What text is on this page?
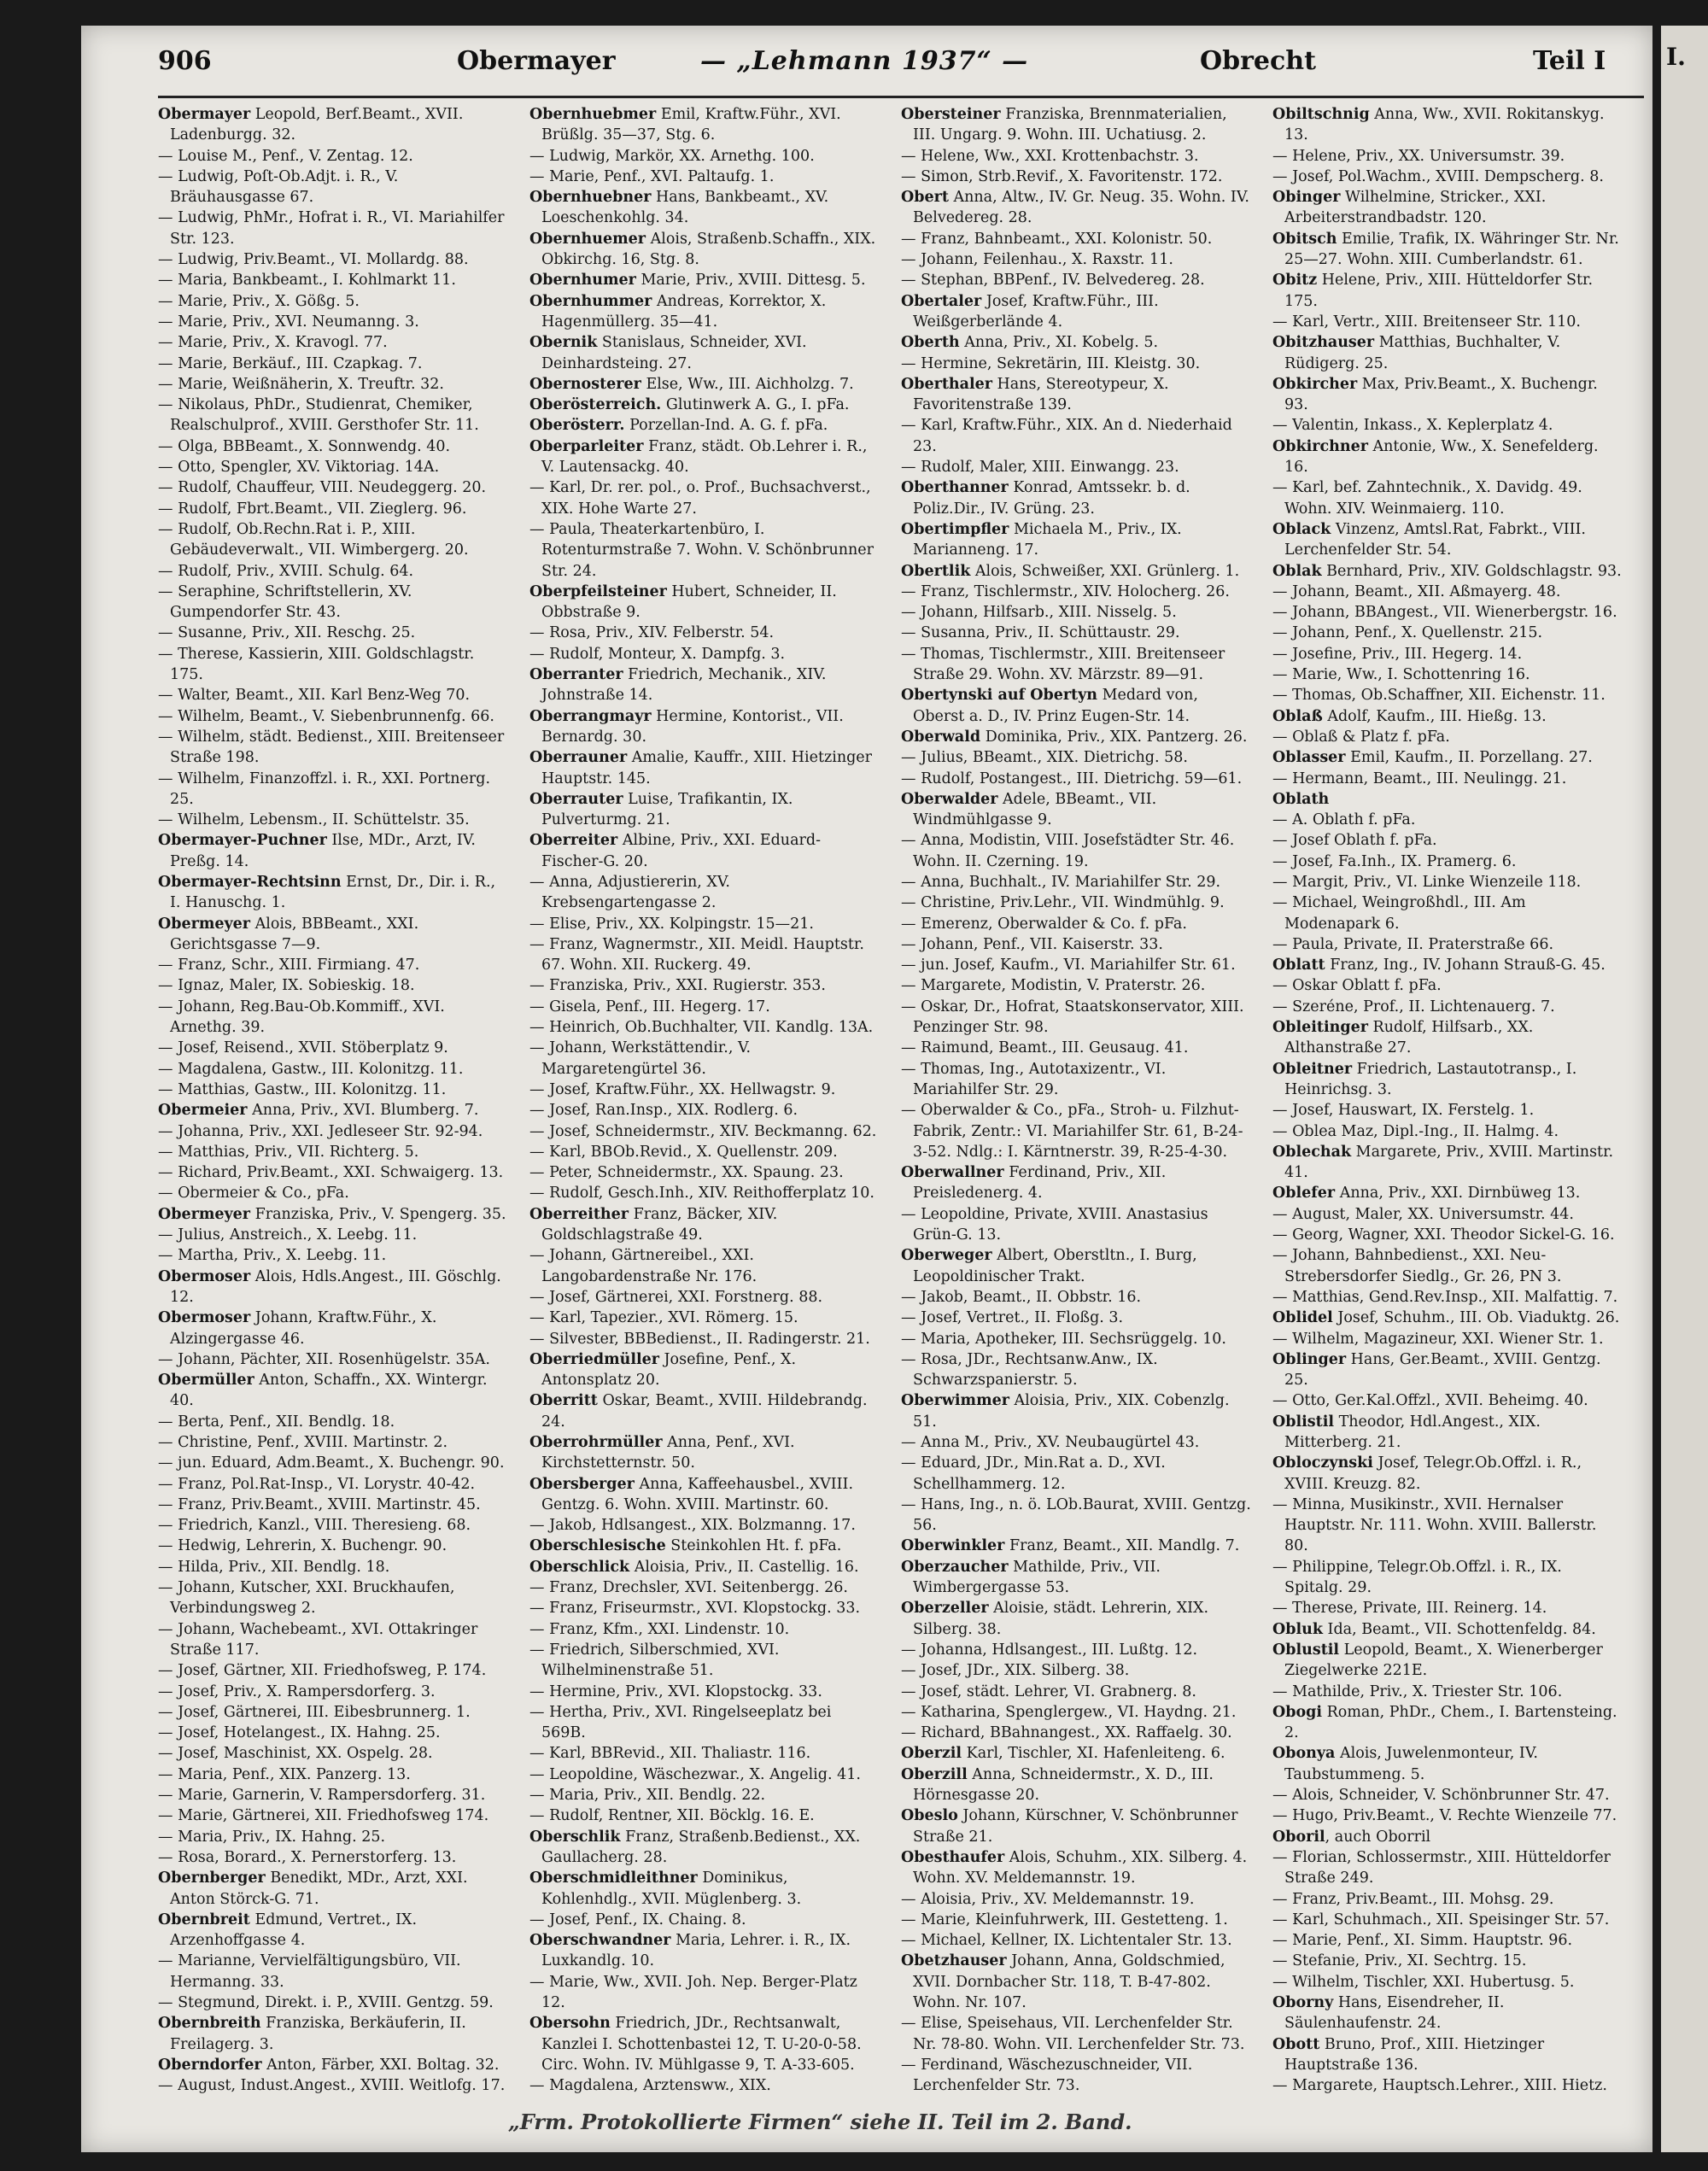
906	Obermayer	— „Lehmann 1937“ —	Obrecht	Teil I

Obermayer Leopold, Berf.Beamt., XVII. Ladenburgg. 32.

— Louise M., Penf., V. Zentag. 12.

— Ludwig, Poſt-Ob.Adjt. i. R., V. Bräuhausgasse 67.

— Ludwig, PhMr., Hofrat i. R., VI. Mariahilfer Str. 123.

— Ludwig, Priv.Beamt., VI. Mollardg. 88.

— Maria, Bankbeamt., I. Kohlmarkt 11.

— Marie, Priv., X. Gößg. 5.

— Marie, Priv., XVI. Neumanng. 3.

— Marie, Priv., X. Kravogl. 77.

— Marie, Berkäuf., III. Czapkag. 7.

— Marie, Weißnäherin, X. Treuftr. 32.

— Nikolaus, PhDr., Studienrat, Chemiker, Realschulprof., XVIII. Gersthofer Str. 11.

— Olga, BBBeamt., X. Sonnwendg. 40.

— Otto, Spengler, XV. Viktoriag. 14A.

— Rudolf, Chauffeur, VIII. Neudeggerg. 20.

— Rudolf, Fbrt.Beamt., VII. Zieglerg. 96.

— Rudolf, Ob.Rechn.Rat i. P., XIII. Gebäudeverwalt., VII. Wimbergerg. 20.

— Rudolf, Priv., XVIII. Schulg. 64.

— Seraphine, Schriftstellerin, XV. Gumpendorfer Str. 43.

— Susanne, Priv., XII. Reschg. 25.

— Therese, Kassierin, XIII. Goldschlagstr. 175.

— Walter, Beamt., XII. Karl Benz-Weg 70.

— Wilhelm, Beamt., V. Siebenbrunnenfg. 66.

— Wilhelm, städt. Bedienst., XIII. Breitenseer Straße 198.

— Wilhelm, Finanzoffzl. i. R., XXI. Portnerg. 25.

— Wilhelm, Lebensm., II. Schüttelstr. 35.

Obermayer-Puchner Ilse, MDr., Arzt, IV. Preßg. 14.

Obermayer-Rechtsinn Ernst, Dr., Dir. i. R., I. Hanuschg. 1.

Obermeyer Alois, BBBeamt., XXI. Gerichtsgasse 7—9.

— Franz, Schr., XIII. Firmiang. 47.

— Ignaz, Maler, IX. Sobieskig. 18.

— Johann, Reg.Bau-Ob.Kommiff., XVI. Arnethg. 39.

— Josef, Reisend., XVII. Stöberplatz 9.

— Magdalena, Gastw., III. Kolonitzg. 11.

— Matthias, Gastw., III. Kolonitzg. 11.

Obermeier Anna, Priv., XVI. Blumberg. 7.

— Johanna, Priv., XXI. Jedleseer Str. 92-94.

— Matthias, Priv., VII. Richterg. 5.

— Richard, Priv.Beamt., XXI. Schwaigerg. 13.

— Obermeier & Co., pFa.

Obermeyer Franziska, Priv., V. Spengerg. 35.

— Julius, Anstreich., X. Leebg. 11.

— Martha, Priv., X. Leebg. 11.

Obermoser Alois, Hdls.Angest., III. Göschlg. 12.

Obermoser Johann, Kraftw.Führ., X. Alzingergasse 46.

— Johann, Pächter, XII. Rosenhügelstr. 35A.

Obermüller Anton, Schaffn., XX. Wintergr. 40.

— Berta, Penf., XII. Bendlg. 18.

— Christine, Penf., XVIII. Martinstr. 2.

— jun. Eduard, Adm.Beamt., X. Buchengr. 90.

— Franz, Pol.Rat-Insp., VI. Lorystr. 40-42.

— Franz, Priv.Beamt., XVIII. Martinstr. 45.

— Friedrich, Kanzl., VIII. Theresieng. 68.

— Hedwig, Lehrerin, X. Buchengr. 90.

— Hilda, Priv., XII. Bendlg. 18.

— Johann, Kutscher, XXI. Bruckhaufen, Verbindungsweg 2.

— Johann, Wachebeamt., XVI. Ottakringer Straße 117.

— Josef, Gärtner, XII. Friedhofsweg, P. 174.

— Josef, Priv., X. Rampersdorferg. 3.

— Josef, Gärtnerei, III. Eibesbrunnerg. 1.

— Josef, Hotelangest., IX. Hahng. 25.

— Josef, Maschinist, XX. Ospelg. 28.

— Maria, Penf., XIX. Panzerg. 13.

— Marie, Garnerin, V. Rampersdorferg. 31.

— Marie, Gärtnerei, XII. Friedhofsweg 174.

— Maria, Priv., IX. Hahng. 25.

— Rosa, Borard., X. Pernerstorferg. 13.

Obernberger Benedikt, MDr., Arzt, XXI. Anton Störck-G. 71.

Obernbreit Edmund, Vertret., IX. Arzenhoffgasse 4.

— Marianne, Vervielfältigungsbüro, VII. Hermanng. 33.

— Stegmund, Direkt. i. P., XVIII. Gentzg. 59.

Obernbreith Franziska, Berkäuferin, II. Freilagerg. 3.

Oberndorfer Anton, Färber, XXI. Boltag. 32.

— August, Indust.Angest., XVIII. Weitlofg. 17.

Obernhuebmer Emil, Kraftw.Führ., XVI. Brüßlg. 35—37, Stg. 6.

— Ludwig, Markör, XX. Arnethg. 100.

— Marie, Penf., XVI. Paltaufg. 1.

Obernhuebner Hans, Bankbeamt., XV. Loeschenkohlg. 34.

Obernhuemer Alois, Straßenb.Schaffn., XIX. Obkirchg. 16, Stg. 8.

Obernhumer Marie, Priv., XVIII. Dittesg. 5.

Obernhummer Andreas, Korrektor, X. Hagenmüllerg. 35—41.

Obernik Stanislaus, Schneider, XVI. Deinhardsteing. 27.

Obernosterer Else, Ww., III. Aichholzg. 7.

Oberösterreich. Glutinwerk A. G., I. pFa.

Oberösterr. Porzellan-Ind. A. G. f. pFa.

Oberparleiter Franz, städt. Ob.Lehrer i. R., V. Lautensackg. 40.

— Karl, Dr. rer. pol., o. Prof., Buchsachverst., XIX. Hohe Warte 27.

— Paula, Theaterkartenbüro, I. Rotenturmstraße 7. Wohn. V. Schönbrunner Str. 24.

Oberpfeilsteiner Hubert, Schneider, II. Obbstraße 9.

— Rosa, Priv., XIV. Felberstr. 54.

— Rudolf, Monteur, X. Dampfg. 3.

Oberranter Friedrich, Mechanik., XIV. Johnstraße 14.

Oberrangmayr Hermine, Kontorist., VII. Bernardg. 30.

Oberrauner Amalie, Kauffr., XIII. Hietzinger Hauptstr. 145.

Oberrauter Luise, Trafikantin, IX. Pulverturmg. 21.

Oberreiter Albine, Priv., XXI. Eduard-Fischer-G. 20.

— Anna, Adjustiererin, XV. Krebsengartengasse 2.

— Elise, Priv., XX. Kolpingstr. 15—21.

— Franz, Wagnermstr., XII. Meidl. Hauptstr. 67. Wohn. XII. Ruckerg. 49.

— Franziska, Priv., XXI. Rugierstr. 353.

— Gisela, Penf., III. Hegerg. 17.

— Heinrich, Ob.Buchhalter, VII. Kandlg. 13A.

— Johann, Werkstättendir., V. Margaretengürtel 36.

— Josef, Kraftw.Führ., XX. Hellwagstr. 9.

— Josef, Ran.Insp., XIX. Rodlerg. 6.

— Josef, Schneidermstr., XIV. Beckmanng. 62.

— Karl, BBOb.Revid., X. Quellenstr. 209.

— Peter, Schneidermstr., XX. Spaung. 23.

— Rudolf, Gesch.Inh., XIV. Reithofferplatz 10.

Oberreither Franz, Bäcker, XIV. Goldschlagstraße 49.

— Johann, Gärtnereibel., XXI. Langobardenstraße Nr. 176.

— Josef, Gärtnerei, XXI. Forstnerg. 88.

— Karl, Tapezier., XVI. Römerg. 15.

— Silvester, BBBedienst., II. Radingerstr. 21.

Oberriedmüller Josefine, Penf., X. Antonsplatz 20.

Oberritt Oskar, Beamt., XVIII. Hildebrandg. 24.

Oberrohrmüller Anna, Penf., XVI. Kirchstetternstr. 50.

Obersberger Anna, Kaffeehausbel., XVIII. Gentzg. 6. Wohn. XVIII. Martinstr. 60.

— Jakob, Hdlsangest., XIX. Bolzmanng. 17.

Oberschlesische Steinkohlen Ht. f. pFa.

Oberschlick Aloisia, Priv., II. Castellig. 16.

— Franz, Drechsler, XVI. Seitenbergg. 26.

— Franz, Friseurmstr., XVI. Klopstockg. 33.

— Franz, Kfm., XXI. Lindenstr. 10.

— Friedrich, Silberschmied, XVI. Wilhelminenstraße 51.

— Hermine, Priv., XVI. Klopstockg. 33.

— Hertha, Priv., XVI. Ringelseeplatz bei 569B.

— Karl, BBRevid., XII. Thaliastr. 116.

— Leopoldine, Wäschezwar., X. Angelig. 41.

— Maria, Priv., XII. Bendlg. 22.

— Rudolf, Rentner, XII. Böcklg. 16. E.

Oberschlik Franz, Straßenb.Bedienst., XX. Gaullacherg. 28.

Oberschmidleithner Dominikus, Kohlenhdlg., XVII. Müglenberg. 3.

— Josef, Penf., IX. Chaing. 8.

Oberschwandner Maria, Lehrer. i. R., IX. Luxkandlg. 10.

— Marie, Ww., XVII. Joh. Nep. Berger-Platz 12.

Obersohn Friedrich, JDr., Rechtsanwalt, Kanzlei I. Schottenbastei 12, T. U-20-0-58. Circ. Wohn. IV. Mühlgasse 9, T. A-33-605.

— Magdalena, Arztensww., XIX.

Obersteiner Franziska, Brennmaterialien, III. Ungarg. 9. Wohn. III. Uchatiusg. 2.

— Helene, Ww., XXI. Krottenbachstr. 3.

— Simon, Strb.Revif., X. Favoritenstr. 172.

Obert Anna, Altw., IV. Gr. Neug. 35. Wohn. IV. Belvedereg. 28.

— Franz, Bahnbeamt., XXI. Kolonistr. 50.

— Johann, Feilenhau., X. Raxstr. 11.

— Stephan, BBPenf., IV. Belvedereg. 28.

Obertaler Josef, Kraftw.Führ., III. Weißgerberlände 4.

Oberth Anna, Priv., XI. Kobelg. 5.

— Hermine, Sekretärin, III. Kleistg. 30.

Oberthaler Hans, Stereotypeur, X. Favoritenstraße 139.

— Karl, Kraftw.Führ., XIX. An d. Niederhaid 23.

— Rudolf, Maler, XIII. Einwangg. 23.

Oberthanner Konrad, Amtssekr. b. d. Poliz.Dir., IV. Grüng. 23.

Obertimpfler Michaela M., Priv., IX. Marianneng. 17.

Obertlik Alois, Schweißer, XXI. Grünlerg. 1.

— Franz, Tischlermstr., XIV. Holocherg. 26.

— Johann, Hilfsarb., XIII. Nisselg. 5.

— Susanna, Priv., II. Schüttaustr. 29.

— Thomas, Tischlermstr., XIII. Breitenseer Straße 29. Wohn. XV. Märzstr. 89—91.

Obertynski auf Obertyn Medard von, Oberst a. D., IV. Prinz Eugen-Str. 14.

Oberwald Dominika, Priv., XIX. Pantzerg. 26.

— Julius, BBeamt., XIX. Dietrichg. 58.

— Rudolf, Postangest., III. Dietrichg. 59—61.

Oberwalder Adele, BBeamt., VII. Windmühlgasse 9.

— Anna, Modistin, VIII. Josefstädter Str. 46. Wohn. II. Czerning. 19.

— Anna, Buchhalt., IV. Mariahilfer Str. 29.

— Christine, Priv.Lehr., VII. Windmühlg. 9.

— Emerenz, Oberwalder & Co. f. pFa.

— Johann, Penf., VII. Kaiserstr. 33.

— jun. Josef, Kaufm., VI. Mariahilfer Str. 61.

— Margarete, Modistin, V. Praterstr. 26.

— Oskar, Dr., Hofrat, Staatskonservator, XIII. Penzinger Str. 98.

— Raimund, Beamt., III. Geusaug. 41.

— Thomas, Ing., Autotaxizentr., VI. Mariahilfer Str. 29.

— Oberwalder & Co., pFa., Stroh- u. Filzhut-Fabrik, Zentr.: VI. Mariahilfer Str. 61, B-24-3-52. Ndlg.: I. Kärntnerstr. 39, R-25-4-30.

Oberwallner Ferdinand, Priv., XII. Preisledenerg. 4.

— Leopoldine, Private, XVIII. Anastasius Grün-G. 13.

Oberweger Albert, Oberstltn., I. Burg, Leopoldinischer Trakt.

— Jakob, Beamt., II. Obbstr. 16.

— Josef, Vertret., II. Floßg. 3.

— Maria, Apotheker, III. Sechsrüggelg. 10.

— Rosa, JDr., Rechtsanw.Anw., IX. Schwarzspanierstr. 5.

Oberwimmer Aloisia, Priv., XIX. Cobenzlg. 51.

— Anna M., Priv., XV. Neubaugürtel 43.

— Eduard, JDr., Min.Rat a. D., XVI. Schellhammerg. 12.

— Hans, Ing., n. ö. LOb.Baurat, XVIII. Gentzg. 56.

Oberwinkler Franz, Beamt., XII. Mandlg. 7.

Oberzaucher Mathilde, Priv., VII. Wimbergergasse 53.

Oberzeller Aloisie, städt. Lehrerin, XIX. Silberg. 38.

— Johanna, Hdlsangest., III. Lußtg. 12.

— Josef, JDr., XIX. Silberg. 38.

— Josef, städt. Lehrer, VI. Grabnerg. 8.

— Katharina, Spenglergew., VI. Haydng. 21.

— Richard, BBahnangest., XX. Raffaelg. 30.

Oberzil Karl, Tischler, XI. Hafenleiteng. 6.

Oberzill Anna, Schneidermstr., X. D., III. Hörnesgasse 20.

Obeslo Johann, Kürschner, V. Schönbrunner Straße 21.

Obesthaufer Alois, Schuhm., XIX. Silberg. 4. Wohn. XV. Meldemannstr. 19.

— Aloisia, Priv., XV. Meldemannstr. 19.

— Marie, Kleinfuhrwerk, III. Gestetteng. 1.

— Michael, Kellner, IX. Lichtentaler Str. 13.

Obetzhauser Johann, Anna, Goldschmied, XVII. Dornbacher Str. 118, T. B-47-802. Wohn. Nr. 107.

— Elise, Speisehaus, VII. Lerchenfelder Str. Nr. 78-80. Wohn. VII. Lerchenfelder Str. 73.

— Ferdinand, Wäschezuschneider, VII. Lerchenfelder Str. 73.

Obiltschnig Anna, Ww., XVII. Rokitanskyg. 13.

— Helene, Priv., XX. Universumstr. 39.

— Josef, Pol.Wachm., XVIII. Dempscherg. 8.

Obinger Wilhelmine, Stricker., XXI. Arbeiterstrandbadstr. 120.

Obitsch Emilie, Trafik, IX. Währinger Str. Nr. 25—27. Wohn. XIII. Cumberlandstr. 61.

Obitz Helene, Priv., XIII. Hütteldorfer Str. 175.

— Karl, Vertr., XIII. Breitenseer Str. 110.

Obitzhauser Matthias, Buchhalter, V. Rüdigerg. 25.

Obkircher Max, Priv.Beamt., X. Buchengr. 93.

— Valentin, Inkass., X. Keplerplatz 4.

Obkirchner Antonie, Ww., X. Senefelderg. 16.

— Karl, bef. Zahntechnik., X. Davidg. 49. Wohn. XIV. Weinmaierg. 110.

Oblack Vinzenz, Amtsl.Rat, Fabrkt., VIII. Lerchenfelder Str. 54.

Oblak Bernhard, Priv., XIV. Goldschlagstr. 93.

— Johann, Beamt., XII. Aßmayerg. 48.

— Johann, BBAngest., VII. Wienerbergstr. 16.

— Johann, Penf., X. Quellenstr. 215.

— Josefine, Priv., III. Hegerg. 14.

— Marie, Ww., I. Schottenring 16.

— Thomas, Ob.Schaffner, XII. Eichenstr. 11.

Oblaß Adolf, Kaufm., III. Hießg. 13.

— Oblaß & Platz f. pFa.

Oblasser Emil, Kaufm., II. Porzellang. 27.

— Hermann, Beamt., III. Neulingg. 21.

Oblath

— A. Oblath f. pFa.

— Josef Oblath f. pFa.

— Josef, Fa.Inh., IX. Pramerg. 6.

— Margit, Priv., VI. Linke Wienzeile 118.

— Michael, Weingroßhdl., III. Am Modenapark 6.

— Paula, Private, II. Praterstraße 66.

Oblatt Franz, Ing., IV. Johann Strauß-G. 45.

— Oskar Oblatt f. pFa.

— Szeréne, Prof., II. Lichtenauerg. 7.

Obleitinger Rudolf, Hilfsarb., XX. Althanstraße 27.

Obleitner Friedrich, Lastautotransp., I. Heinrichsg. 3.

— Josef, Hauswart, IX. Ferstelg. 1.

— Oblea Maz, Dipl.-Ing., II. Halmg. 4.

Oblechak Margarete, Priv., XVIII. Martinstr. 41.

Oblefer Anna, Priv., XXI. Dirnbüweg 13.

— August, Maler, XX. Universumstr. 44.

— Georg, Wagner, XXI. Theodor Sickel-G. 16.

— Johann, Bahnbedienst., XXI. Neu-Strebersdorfer Siedlg., Gr. 26, PN 3.

— Matthias, Gend.Rev.Insp., XII. Malfattig. 7.

Oblidel Josef, Schuhm., III. Ob. Viaduktg. 26.

— Wilhelm, Magazineur, XXI. Wiener Str. 1.

Oblinger Hans, Ger.Beamt., XVIII. Gentzg. 25.

— Otto, Ger.Kal.Offzl., XVII. Beheimg. 40.

Oblistil Theodor, Hdl.Angest., XIX. Mitterberg. 21.

Obloczynski Josef, Telegr.Ob.Offzl. i. R., XVIII. Kreuzg. 82.

— Minna, Musikinstr., XVII. Hernalser Hauptstr. Nr. 111. Wohn. XVIII. Ballerstr. 80.

— Philippine, Telegr.Ob.Offzl. i. R., IX. Spitalg. 29.

— Therese, Private, III. Reinerg. 14.

Obluk Ida, Beamt., VII. Schottenfeldg. 84.

Oblustil Leopold, Beamt., X. Wienerberger Ziegelwerke 221E.

— Mathilde, Priv., X. Triester Str. 106.

Obogi Roman, PhDr., Chem., I. Bartensteing. 2.

Obonya Alois, Juwelenmonteur, IV. Taubstummeng. 5.

— Alois, Schneider, V. Schönbrunner Str. 47.

— Hugo, Priv.Beamt., V. Rechte Wienzeile 77.

Oboril, auch Oborril

— Florian, Schlossermstr., XIII. Hütteldorfer Straße 249.

— Franz, Priv.Beamt., III. Mohsg. 29.

— Karl, Schuhmach., XII. Speisinger Str. 57.

— Marie, Penf., XI. Simm. Hauptstr. 96.

— Stefanie, Priv., XI. Sechtrg. 15.

— Wilhelm, Tischler, XXI. Hubertusg. 5.

Oborny Hans, Eisendreher, II. Säulenhaufenstr. 24.

Obott Bruno, Prof., XIII. Hietzinger Hauptstraße 136.

— Margarete, Hauptsch.Lehrer., XIII. Hietz.

„Frm. Protokollierte Firmen“ siehe II. Teil im 2. Band.
I.
